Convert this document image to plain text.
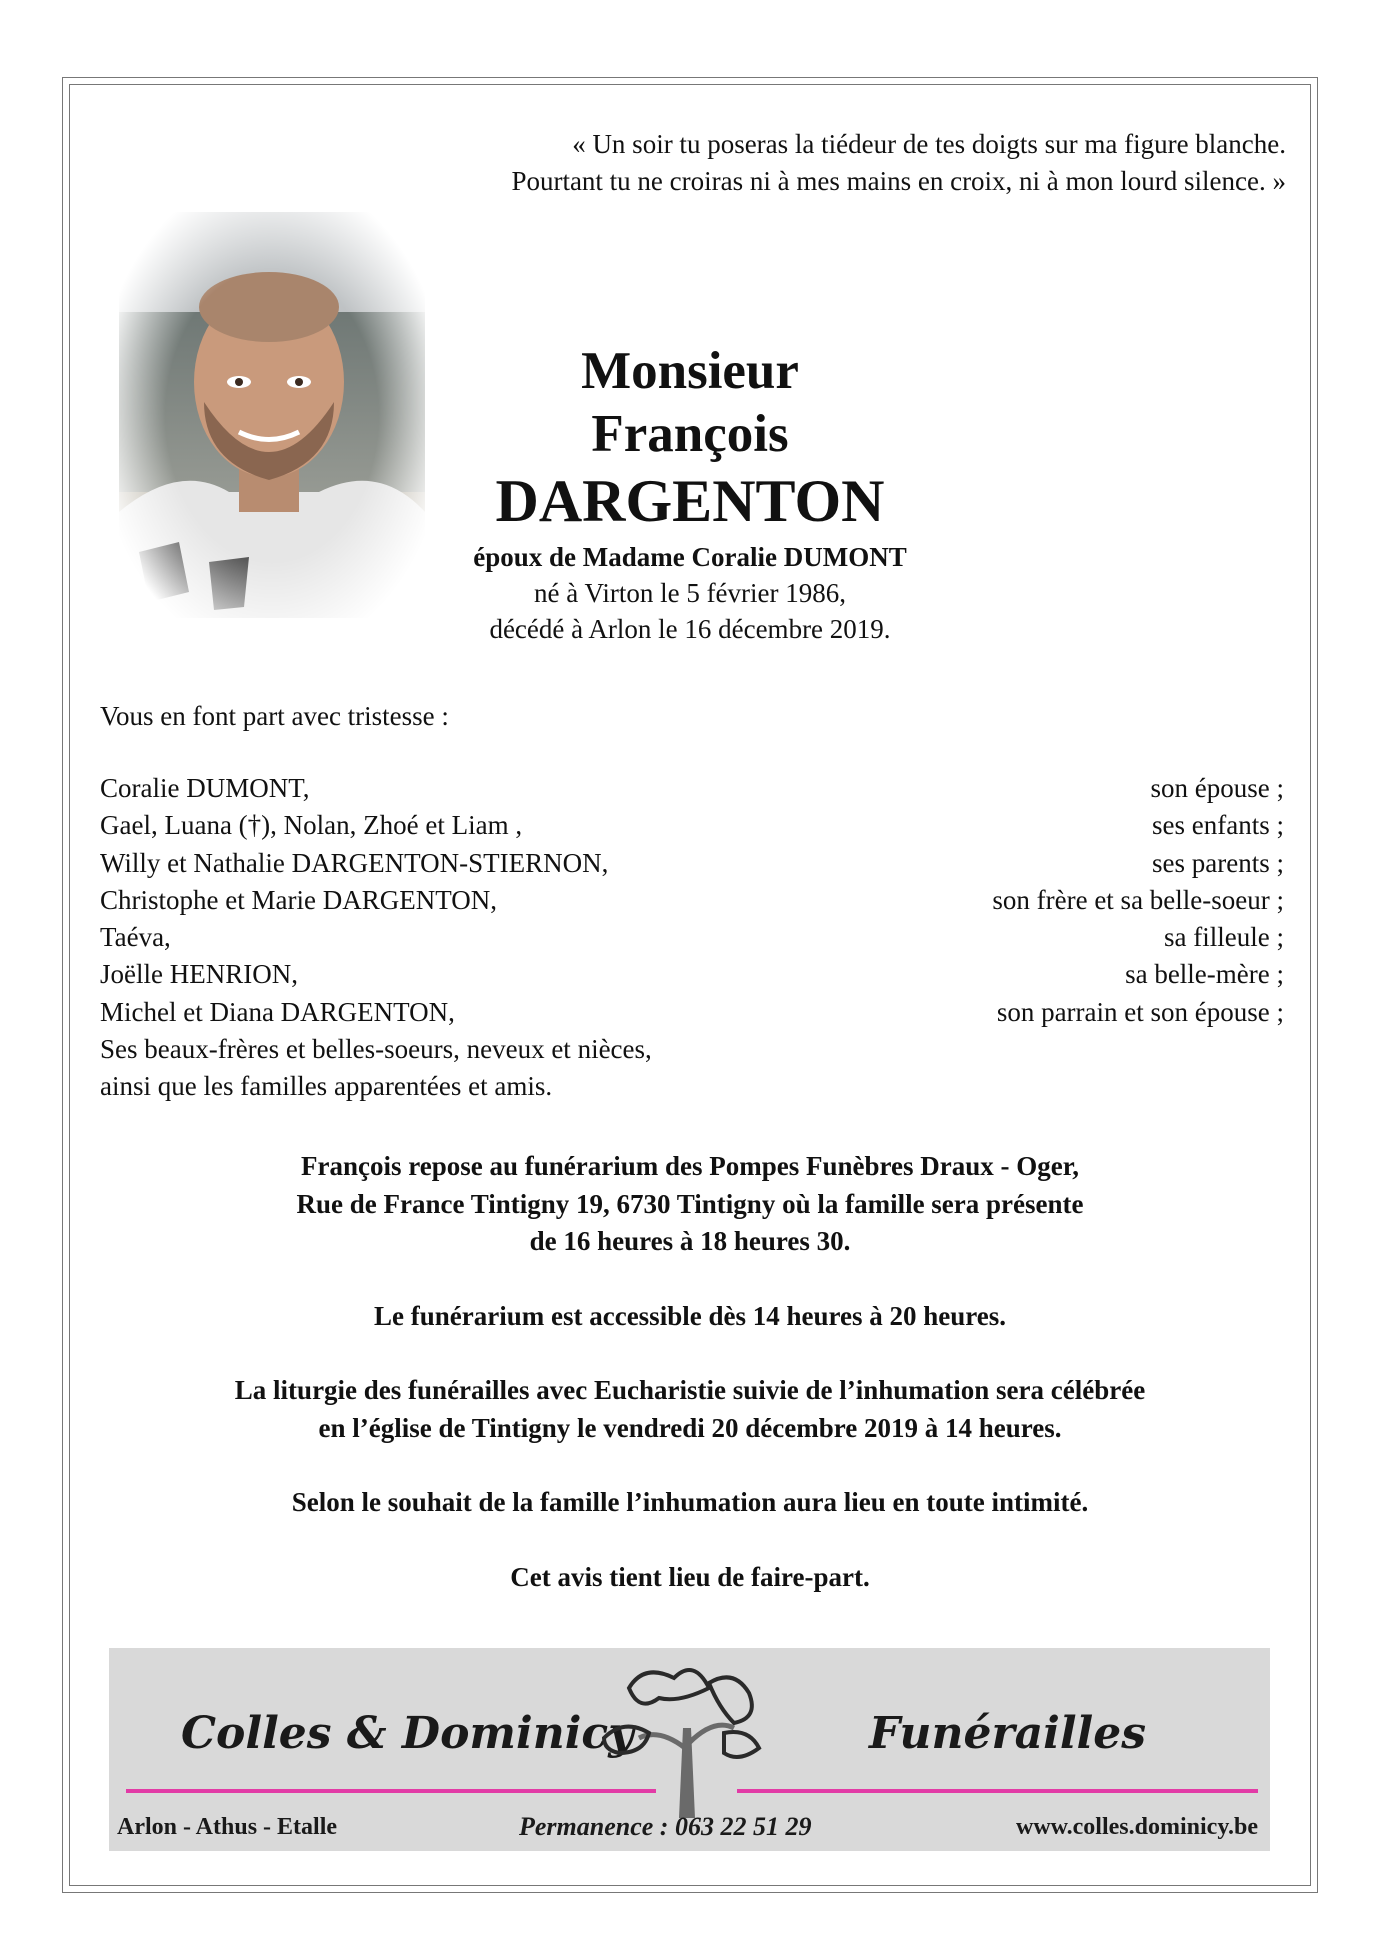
« Un soir tu poseras la tiédeur de tes doigts sur ma figure blanche.
Pourtant tu ne croiras ni à mes mains en croix, ni à mon lourd silence. »
Monsieur
François
DARGENTON
époux de Madame Coralie DUMONT
né à Virton le 5 février 1986,
décédé à Arlon le 16 décembre 2019.
Vous en font part avec tristesse :
Coralie DUMONT,	son épouse ;
Gael, Luana (†), Nolan, Zhoé et Liam ,	ses enfants ;
Willy et Nathalie DARGENTON-STIERNON,	ses parents ;
Christophe et Marie DARGENTON,	son frère et sa belle-soeur ;
Taéva,	sa filleule ;
Joëlle HENRION,	sa belle-mère ;
Michel et Diana DARGENTON,	son parrain et son épouse ;
Ses beaux-frères et belles-soeurs, neveux et nièces,
ainsi que les familles apparentées et amis.

François repose au funérarium des Pompes Funèbres Draux - Oger,
Rue de France Tintigny 19, 6730 Tintigny où la famille sera présente
de 16 heures à 18 heures 30.

Le funérarium est accessible dès 14 heures à 20 heures.

La liturgie des funérailles avec Eucharistie suivie de l’inhumation sera célébrée
en l’église de Tintigny le vendredi 20 décembre 2019 à 14 heures.

Selon le souhait de la famille l’inhumation aura lieu en toute intimité.

Cet avis tient lieu de faire-part.

Colles & Dominicy	Funérailles
Arlon - Athus - Etalle	Permanence : 063 22 51 29	www.colles.dominicy.be
